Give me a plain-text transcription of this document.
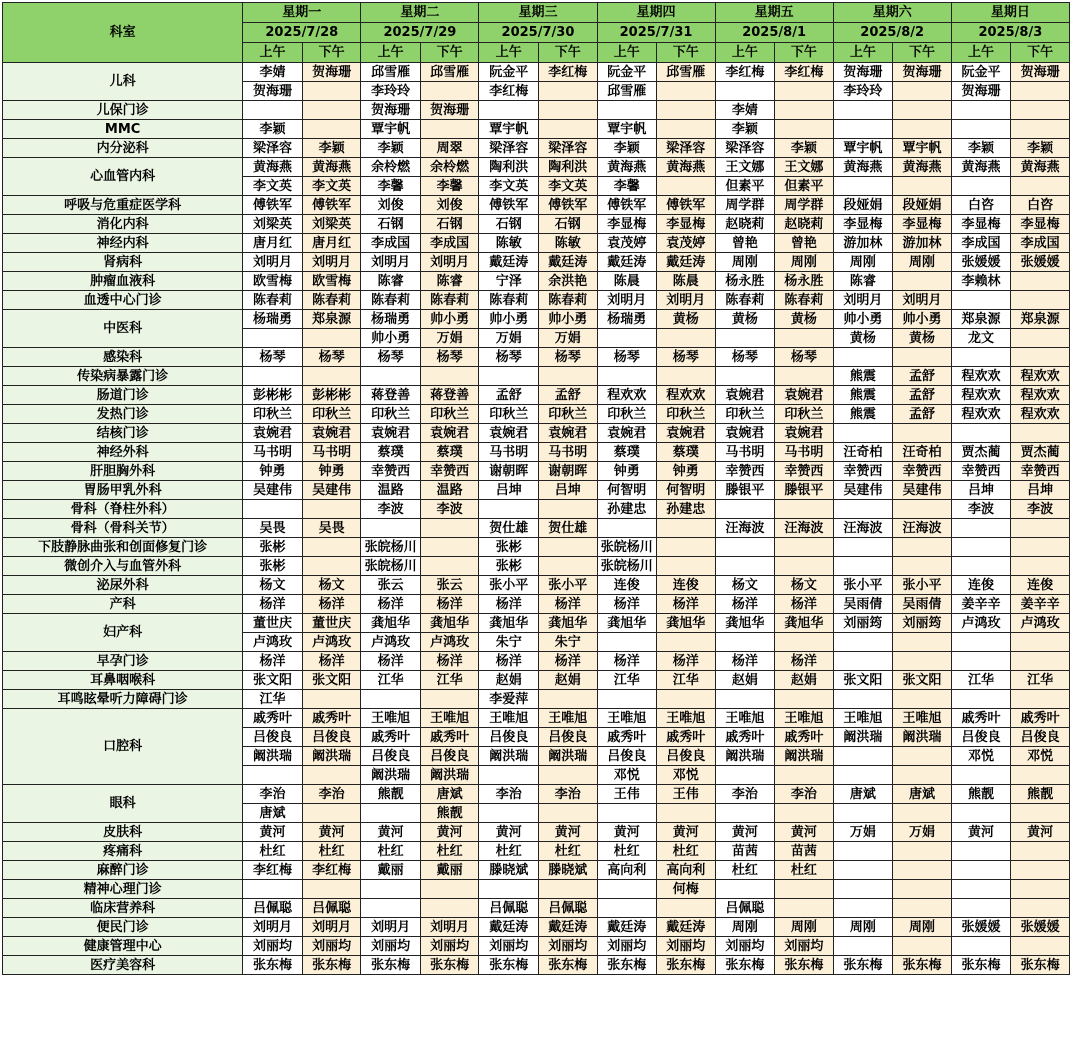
科室	星期一		星期二		星期三		星期四		星期五		星期六		星期日	
	2025/7/28		2025/7/29		2025/7/30		2025/7/31		2025/8/1		2025/8/2		2025/8/3	
	上午	下午	上午	下午	上午	下午	上午	下午	上午	下午	上午	下午	上午	下午
儿科	李婧	贺海珊	邱雪雁	邱雪雁	阮金平	李红梅	阮金平	邱雪雁	李红梅	李红梅	贺海珊	贺海珊	阮金平	贺海珊
	贺海珊		李玲玲		李红梅		邱雪雁				李玲玲		贺海珊	
儿保门诊			贺海珊	贺海珊					李婧					
MMC	李颖		覃宇帆		覃宇帆		覃宇帆		李颖					
内分泌科	梁泽容	李颖	李颖	周翠	梁泽容	梁泽容	李颖	梁泽容	梁泽容	李颖	覃宇帆	覃宇帆	李颖	李颖
心血管内科	黄海燕	黄海燕	余柃燃	余柃燃	陶利洪	陶利洪	黄海燕	黄海燕	王文娜	王文娜	黄海燕	黄海燕	黄海燕	黄海燕
	李文英	李文英	李馨	李馨	李文英	李文英	李馨		但素平	但素平				
呼吸与危重症医学科	傅铁军	傅铁军	刘俊	刘俊	傅铁军	傅铁军	傅铁军	傅铁军	周学群	周学群	段娅娟	段娅娟	白咨	白咨
消化内科	刘梁英	刘梁英	石钢	石钢	石钢	石钢	李显梅	李显梅	赵晓莉	赵晓莉	李显梅	李显梅	李显梅	李显梅
神经内科	唐月红	唐月红	李成国	李成国	陈敏	陈敏	袁茂婷	袁茂婷	曾艳	曾艳	游加林	游加林	李成国	李成国
肾病科	刘明月	刘明月	刘明月	刘明月	戴廷涛	戴廷涛	戴廷涛	戴廷涛	周刚	周刚	周刚	周刚	张媛媛	张媛媛
肿瘤血液科	欧雪梅	欧雪梅	陈睿	陈睿	宁泽	余洪艳	陈晨	陈晨	杨永胜	杨永胜	陈睿		李赖林	
血透中心门诊	陈春莉	陈春莉	陈春莉	陈春莉	陈春莉	陈春莉	刘明月	刘明月	陈春莉	陈春莉	刘明月	刘明月		
中医科	杨瑞勇	郑泉源	杨瑞勇	帅小勇	帅小勇	帅小勇	杨瑞勇	黄杨	黄杨	黄杨	帅小勇	帅小勇	郑泉源	郑泉源
			帅小勇	万娟	万娟	万娟					黄杨	黄杨	龙文	
感染科	杨琴	杨琴	杨琴	杨琴	杨琴	杨琴	杨琴	杨琴	杨琴	杨琴				
传染病暴露门诊											熊震	孟舒	程欢欢	程欢欢
肠道门诊	彭彬彬	彭彬彬	蒋登善	蒋登善	孟舒	孟舒	程欢欢	程欢欢	袁婉君	袁婉君	熊震	孟舒	程欢欢	程欢欢
发热门诊	印秋兰	印秋兰	印秋兰	印秋兰	印秋兰	印秋兰	印秋兰	印秋兰	印秋兰	印秋兰	熊震	孟舒	程欢欢	程欢欢
结核门诊	袁婉君	袁婉君	袁婉君	袁婉君	袁婉君	袁婉君	袁婉君	袁婉君	袁婉君	袁婉君				
神经外科	马书明	马书明	蔡璞	蔡璞	马书明	马书明	蔡璞	蔡璞	马书明	马书明	汪奇柏	汪奇柏	贾杰蔺	贾杰蔺
肝胆胸外科	钟勇	钟勇	幸赞西	幸赞西	谢朝晖	谢朝晖	钟勇	钟勇	幸赞西	幸赞西	幸赞西	幸赞西	幸赞西	幸赞西
胃肠甲乳外科	吴建伟	吴建伟	温路	温路	吕坤	吕坤	何智明	何智明	滕银平	滕银平	吴建伟	吴建伟	吕坤	吕坤
骨科（脊柱外科）			李波	李波			孙建忠	孙建忠					李波	李波
骨科（骨科关节）	吴畏	吴畏			贺仕雄	贺仕雄			汪海波	汪海波	汪海波	汪海波		
下肢静脉曲张和创面修复门诊	张彬		张皖杨川		张彬		张皖杨川							
微创介入与血管外科	张彬		张皖杨川		张彬		张皖杨川							
泌尿外科	杨文	杨文	张云	张云	张小平	张小平	连俊	连俊	杨文	杨文	张小平	张小平	连俊	连俊
产科	杨洋	杨洋	杨洋	杨洋	杨洋	杨洋	杨洋	杨洋	杨洋	杨洋	吴雨倩	吴雨倩	姜辛辛	姜辛辛
妇产科	董世庆	董世庆	龚旭华	龚旭华	龚旭华	龚旭华	龚旭华	龚旭华	龚旭华	龚旭华	刘丽筠	刘丽筠	卢鸿玫	卢鸿玫
	卢鸿玫	卢鸿玫	卢鸿玫	卢鸿玫	朱宁	朱宁								
早孕门诊	杨洋	杨洋	杨洋	杨洋	杨洋	杨洋	杨洋	杨洋	杨洋	杨洋				
耳鼻咽喉科	张文阳	张文阳	江华	江华	赵娟	赵娟	江华	江华	赵娟	赵娟	张文阳	张文阳	江华	江华
耳鸣眩晕听力障碍门诊	江华				李爱萍									
口腔科	戚秀叶	戚秀叶	王唯旭	王唯旭	王唯旭	王唯旭	王唯旭	王唯旭	王唯旭	王唯旭	王唯旭	王唯旭	戚秀叶	戚秀叶
	吕俊良	吕俊良	戚秀叶	戚秀叶	吕俊良	吕俊良	戚秀叶	戚秀叶	戚秀叶	戚秀叶	阚洪瑞	阚洪瑞	吕俊良	吕俊良
	阚洪瑞	阚洪瑞	吕俊良	吕俊良	阚洪瑞	阚洪瑞	吕俊良	吕俊良	阚洪瑞	阚洪瑞			邓悦	邓悦
			阚洪瑞	阚洪瑞			邓悦	邓悦						
眼科	李治	李治	熊靓	唐斌	李治	李治	王伟	王伟	李治	李治	唐斌	唐斌	熊靓	熊靓
	唐斌			熊靓										
皮肤科	黄河	黄河	黄河	黄河	黄河	黄河	黄河	黄河	黄河	黄河	万娟	万娟	黄河	黄河
疼痛科	杜红	杜红	杜红	杜红	杜红	杜红	杜红	杜红	苗茜	苗茜				
麻醉门诊	李红梅	李红梅	戴丽	戴丽	滕晓斌	滕晓斌	高向利	高向利	杜红	杜红				
精神心理门诊								何梅						
临床营养科	吕佩聪	吕佩聪			吕佩聪	吕佩聪			吕佩聪					
便民门诊	刘明月	刘明月	刘明月	刘明月	戴廷涛	戴廷涛	戴廷涛	戴廷涛	周刚	周刚	周刚	周刚	张媛媛	张媛媛
健康管理中心	刘丽均	刘丽均	刘丽均	刘丽均	刘丽均	刘丽均	刘丽均	刘丽均	刘丽均	刘丽均				
医疗美容科	张东梅	张东梅	张东梅	张东梅	张东梅	张东梅	张东梅	张东梅	张东梅	张东梅	张东梅	张东梅	张东梅	张东梅
